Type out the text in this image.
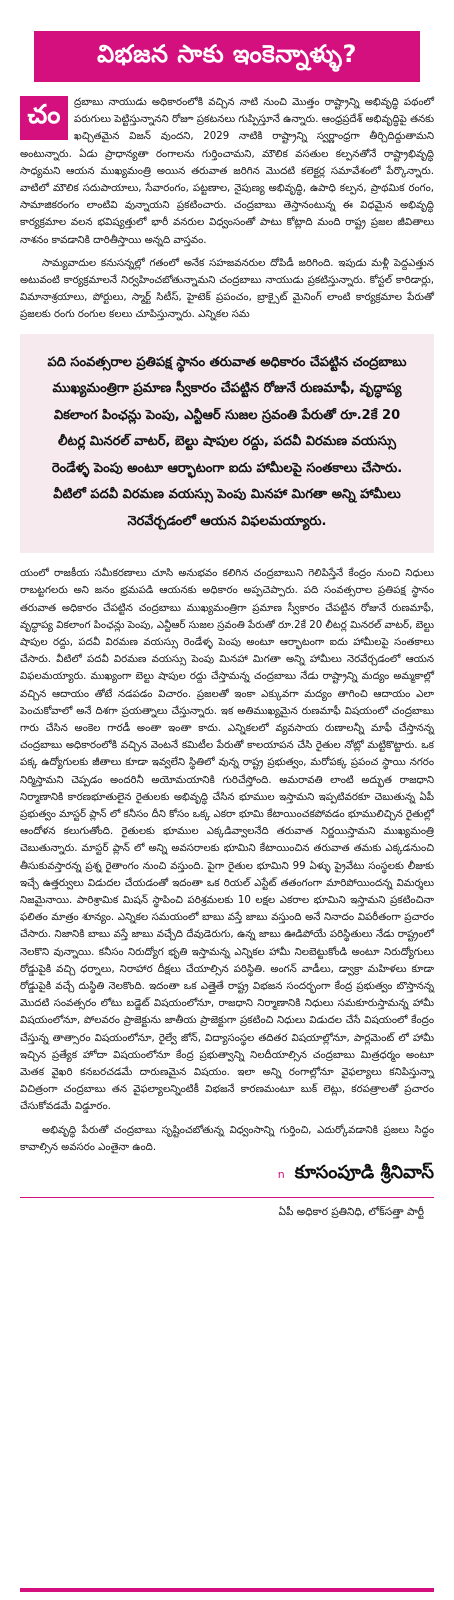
విభజన సాకు ఇంకెన్నాళ్ళు?
చం	ద్రబాబు నాయుడు అధికారంలోకి వచ్చిన నాటి నుంచి మొత్తం రాష్ట్రాన్ని అభివృద్ధి పథంలో పరుగులు పెట్టిస్తున్నానని రోజూ ప్రకటనలు గుప్పిస్తూనే ఉన్నారు. ఆంధ్రప్రదేశ్ అభివృద్ధిపై తనకు ఖచ్చితమైన విజన్ వుందని, 2029 నాటికి రాష్ట్రాన్ని స్వర్ణాంధ్రగా తీర్చిదిద్దుతామని అంటున్నారు. ఏడు ప్రాధాన్యతా రంగాలను గుర్తించామని, మౌలిక వసతుల కల్పనతోనే రాష్ట్రాభివృద్ధి సాధ్యమని ఆయన ముఖ్యమంత్రి అయిన తరువాత జరిగిన మొదటి కలెక్టర్ల సమావేశంలో పేర్కొన్నారు. వాటిలో మౌలిక సదుపాయాలు, సేవారంగం, పట్టణాల, నైపుణ్య అభివృద్ధి, ఉపాధి కల్పన, ప్రాథమిక రంగం, సామాజికరంగం లాంటివి వున్నాయని ప్రకటించారు. చంద్రబాబు తెస్తానంటున్న ఈ విధమైన అభివృద్ధి కార్యక్రమాల వలన భవిష్యత్తులో భారీ వనరుల విధ్వంసంతో పాటు కోట్లాది మంది రాష్ట్ర ప్రజల జీవితాలు నాశనం కావడానికి దారితీస్తాయి అన్నది వాస్తవం.

సామ్యవాదుల కనుసన్నల్లో గతంలో అనేక సహజవనరుల దోపిడీ జరిగింది. ఇపుడు మళ్లీ పెద్దఎత్తున అటువంటి కార్యక్రమాలనే నిర్వహించబోతున్నామని చంద్రబాబు నాయుడు ప్రకటిస్తున్నారు. కోస్టల్ కారిడార్లు, విమానాశ్రయాలు, పోర్టులు, స్మార్ట్ సిటీస్, హైటెక్ ప్రపంచం, బ్రాక్సైట్ మైనింగ్ లాంటి కార్యక్రమాల పేరుతో ప్రజలకు రంగు రంగుల కలలు చూపిస్తున్నారు. ఎన్నికల సమ

పది సంవత్సరాల ప్రతిపక్ష స్థానం తరువాత అధికారం చేపట్టిన చంద్రబాబు ముఖ్యమంత్రిగా ప్రమాణ స్వీకారం చేపట్టిన రోజునే రుణమాఫీ, వృద్ధాప్య వికలాంగ పింఛన్లు పెంపు, ఎన్టీఆర్ సుజల స్రవంతి పేరుతో రూ.2కే 20 లీటర్ల మినరల్ వాటర్, బెల్టు షాపుల రద్దు, పదవీ విరమణ వయస్సు రెండేళ్ళ పెంపు అంటూ ఆర్భాటంగా ఐదు హామీలపై సంతకాలు చేసారు. వీటిలో పదవీ విరమణ వయస్సు పెంపు మినహా మిగతా అన్ని హామీలు నెరవేర్చడంలో ఆయన విఫలమయ్యారు.

యంలో రాజకీయ సమీకరణాలు చూసి అనుభవం కలిగిన చంద్రబాబుని గెలిపిస్తేనే కేంద్రం నుంచి నిధులు రాబట్టగలరు అని జనం భ్రమపడి ఆయనకు అధికారం అప్పచెప్పారు. పది సంవత్సరాల ప్రతిపక్ష స్థానం తరువాత అధికారం చేపట్టిన చంద్రబాబు ముఖ్యమంత్రిగా ప్రమాణ స్వీకారం చేపట్టిన రోజునే రుణమాఫీ, వృద్ధాప్య వికలాంగ పింఛన్లు పెంపు, ఎన్టీఆర్ సుజల స్రవంతి పేరుతో రూ.2కే 20 లీటర్ల మినరల్ వాటర్, బెల్టు షాపుల రద్దు, పదవీ విరమణ వయస్సు రెండేళ్ళ పెంపు అంటూ ఆర్భాటంగా ఐదు హామీలపై సంతకాలు చేసారు. వీటిలో పదవీ విరమణ వయస్సు పెంపు మినహా మిగతా అన్ని హామీలు నెరవేర్చడంలో ఆయన విఫలమయ్యారు. ముఖ్యంగా బెల్టు షాపుల రద్దు చేస్తామన్న చంద్రబాబు నేడు రాష్ట్రాన్ని మద్యం అమ్మకాల్లో వచ్చిన ఆదాయం తోటే నడపడం విచారం. ప్రజలతో ఇంకా ఎక్కువగా మద్యం తాగించి ఆదాయం ఎలా పెంచుకోవాలో అనే దిశగా ప్రయత్నాలు చేస్తున్నారు. ఇక అతిముఖ్యమైన రుణమాఫీ విషయంలో చంద్రబాబు గారు చేసిన అంకెల గారడీ అంతా ఇంతా కాదు. ఎన్నికలలో వ్యవసాయ రుణాలన్నీ మాఫీ చేస్తానన్న చంద్రబాబు అధికారంలోకి వచ్చిన వెంటనే కమిటీల పేరుతో కాలయాపన చేసి రైతుల నోట్లో మట్టికొట్టారు. ఒక పక్క ఉద్యోగులకు జీతాలు కూడా ఇవ్వలేని స్థితిలో వున్న రాష్ట్ర ప్రభుత్వం, మరోపక్క ప్రపంచ స్థాయి నగరం నిర్మిస్తామని చెప్పడం అందరినీ అయోమయానికి గురిచేస్తోంది. అమరావతి లాంటి అద్భుత రాజధాని నిర్మాణానికి కారణభూతులైన రైతులకు అభివృద్ధి చేసిన భూముల ఇస్తామని ఇప్పటివరకూ చెబుతున్న ఏపీ ప్రభుత్వం మాస్టర్ ప్లాన్ లో కనీసం దీని కోసం ఒక్క ఎకరా భూమి కేటాయించకపోవడం భూములిచ్చిన రైతుల్లో ఆందోళన కలుగుతోంది. రైతులకు భూముల ఎక్కడివ్వాలనేది తరువాత నిర్ణయిస్తామని ముఖ్యమంత్రి చెబుతున్నారు. మాస్టర్ ప్లాన్ లో అన్ని అవసరాలకు భూమిని కేటాయించిన తరువాత తమకు ఎక్కడనుంచి తీసుకువస్తారన్న ప్రశ్న రైతాంగం నుంచి వస్తుంది. పైగా రైతుల భూమిని 99 ఏళ్ళు ప్రైవేటు సంస్థలకు లీజుకు ఇచ్చే ఉత్తర్వులు విడుదల చేయడంతో ఇదంతా ఒక రియల్ ఎస్టేట్ తతంగంగా మారిపోయిందన్న విమర్శలు నిజమైనాయి. పారిశ్రామిక మిషన్ స్థాపించి పరిశ్రమలకు 10 లక్షల ఎకరాల భూమిని ఇస్తామని ప్రకటించినా ఫలితం మాత్రం శూన్యం. ఎన్నికల సమయంలో బాబు వస్తే జాబు వస్తుంది అనే నినాదం విపరీతంగా ప్రచారం చేసారు. నిజానికి బాబు వస్తే జాబు వచ్చేది దేవుడెరుగు, ఉన్న జాబు ఊడిపోయే పరిస్థితులు నేడు రాష్ట్రంలో నెలకొని వున్నాయి. కనీసం నిరుద్యోగ భృతి ఇస్తామన్న ఎన్నికల హామీ నిలబెట్టుకోండి అంటూ నిరుద్యోగులు రోడ్డుపైకి వచ్చి ధర్నాలు, నిరాహార దీక్షలు చేయాల్సిన పరిస్థితి. అంగన్ వాడీలు, డ్వాక్రా మహిళలు కూడా రోడ్డుపైకి వచ్చే దుస్థితి నెలకొంది. ఇదంతా ఒక ఎత్తైతే రాష్ట్ర విభజన సందర్భంగా కేంద్ర ప్రభుత్వం బొస్తానన్న మొదటి సంవత్సరం లోటు బడ్జెట్ విషయంలోనూ, రాజధాని నిర్మాణానికి నిధులు సమకూరుస్తామన్న హామీ విషయంలోనూ, పోలవరం ప్రాజెక్టును జాతీయ ప్రాజెక్టుగా ప్రకటించి నిధులు విడుదల చేసే విషయంలో కేంద్రం చేస్తున్న తాత్సారం విషయంలోనూ, రైల్వే జోన్, విద్యాసంస్థల తదితర విషయాల్లోనూ, పార్లమెంట్ లో హామీ ఇచ్చిన ప్రత్యేక హోదా విషయంలోనూ కేంద్ర ప్రభుత్వాన్ని నిలదీయాల్సిన చంద్రబాబు మిత్రధర్మం అంటూ మెతక వైఖరి కనబరచడమే దారుణమైన విషయం. ఇలా అన్ని రంగాల్లోనూ వైఫల్యాలు కనిపిస్తున్నా విచిత్రంగా చంద్రబాబు తన వైఫల్యాలన్నింటికీ విభజనే కారణమంటూ బుక్ లెట్లు, కరపత్రాలతో ప్రచారం చేసుకోవడమే విడ్డూరం.

అభివృద్ధి పేరుతో చంద్రబాబు సృష్టించబోతున్న విధ్వంసాన్ని గుర్తించి, ఎదుర్కోవడానికి ప్రజలు సిద్ధం కావాల్సిన అవసరం ఎంతైనా ఉంది.

n కూసంపూడి శ్రీనివాస్
ఏపీ అధికార ప్రతినిధి, లోక్‌సత్తా పార్టీ
